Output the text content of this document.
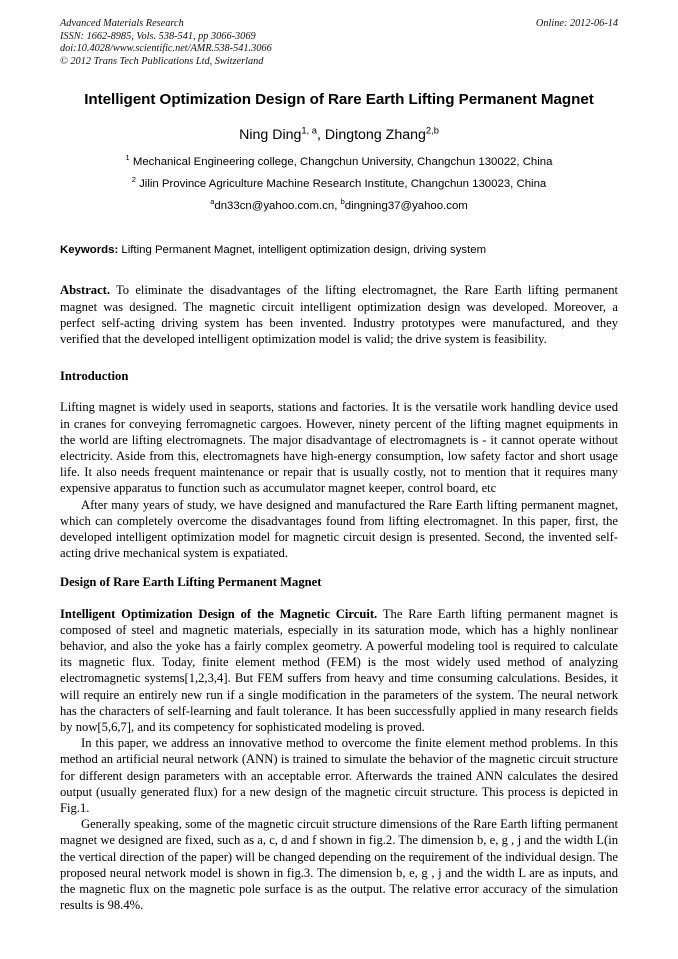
Advanced Materials Research
ISSN: 1662-8985, Vols. 538-541, pp 3066-3069
doi:10.4028/www.scientific.net/AMR.538-541.3066
© 2012 Trans Tech Publications Ltd, Switzerland
Online: 2012-06-14
Intelligent Optimization Design of Rare Earth Lifting Permanent Magnet
Ning Ding$^{1, a}$, Dingtong Zhang$^{2,b}$
$^1$ Mechanical Engineering college, Changchun University, Changchun 130022, China
$^2$ Jilin Province Agriculture Machine Research Institute, Changchun 130023, China
$^a$dn33cn@yahoo.com.cn, $^b$dingning37@yahoo.com
Keywords: Lifting Permanent Magnet, intelligent optimization design, driving system
Abstract. To eliminate the disadvantages of the lifting electromagnet, the Rare Earth lifting permanent magnet was designed. The magnetic circuit intelligent optimization design was developed. Moreover, a perfect self-acting driving system has been invented. Industry prototypes were manufactured, and they verified that the developed intelligent optimization model is valid; the drive system is feasibility.
Introduction
Lifting magnet is widely used in seaports, stations and factories. It is the versatile work handling device used in cranes for conveying ferromagnetic cargoes. However, ninety percent of the lifting magnet equipments in the world are lifting electromagnets. The major disadvantage of electromagnets is - it cannot operate without electricity. Aside from this, electromagnets have high-energy consumption, low safety factor and short usage life. It also needs frequent maintenance or repair that is usually costly, not to mention that it requires many expensive apparatus to function such as accumulator magnet keeper, control board, etc
After many years of study, we have designed and manufactured the Rare Earth lifting permanent magnet, which can completely overcome the disadvantages found from lifting electromagnet. In this paper, first, the developed intelligent optimization model for magnetic circuit design is presented. Second, the invented self-acting drive mechanical system is expatiated.
Design of Rare Earth Lifting Permanent Magnet
Intelligent Optimization Design of the Magnetic Circuit. The Rare Earth lifting permanent magnet is composed of steel and magnetic materials, especially in its saturation mode, which has a highly nonlinear behavior, and also the yoke has a fairly complex geometry. A powerful modeling tool is required to calculate its magnetic flux. Today, finite element method (FEM) is the most widely used method of analyzing electromagnetic systems[1,2,3,4]. But FEM suffers from heavy and time consuming calculations. Besides, it will require an entirely new run if a single modification in the parameters of the system. The neural network has the characters of self-learning and fault tolerance. It has been successfully applied in many research fields by now[5,6,7], and its competency for sophisticated modeling is proved.
In this paper, we address an innovative method to overcome the finite element method problems. In this method an artificial neural network (ANN) is trained to simulate the behavior of the magnetic circuit structure for different design parameters with an acceptable error. Afterwards the trained ANN calculates the desired output (usually generated flux) for a new design of the magnetic circuit structure. This process is depicted in Fig.1.
Generally speaking, some of the magnetic circuit structure dimensions of the Rare Earth lifting permanent magnet we designed are fixed, such as a, c, d and f shown in fig.2. The dimension b, e, g , j and the width L(in the vertical direction of the paper) will be changed depending on the requirement of the individual design. The proposed neural network model is shown in fig.3. The dimension b, e, g , j and the width L are as inputs, and the magnetic flux on the magnetic pole surface is as the output. The relative error accuracy of the simulation results is 98.4%.
